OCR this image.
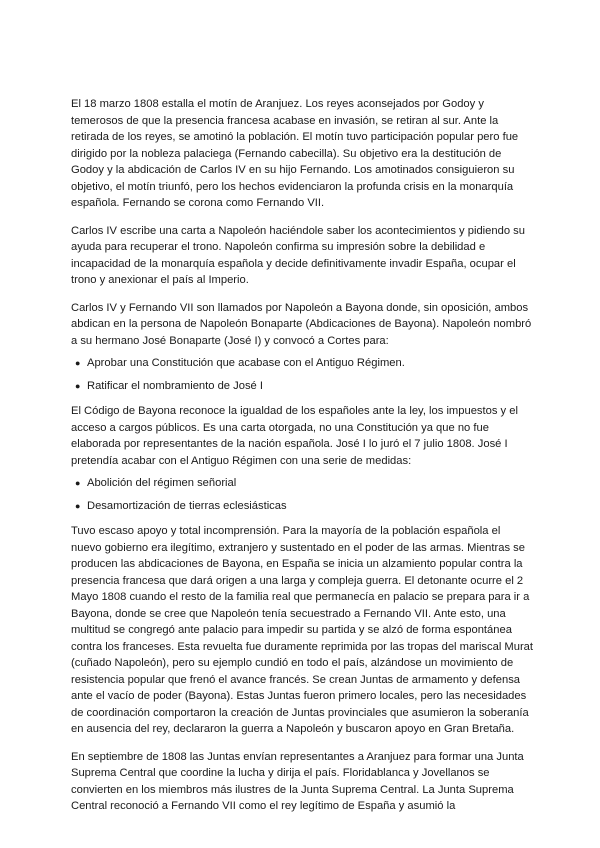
El 18 marzo 1808 estalla el motín de Aranjuez. Los reyes aconsejados por Godoy y temerosos de que la presencia francesa acabase en invasión, se retiran al sur. Ante la retirada de los reyes, se amotinó la población. El motín tuvo participación popular pero fue dirigido por la nobleza palaciega (Fernando cabecilla). Su objetivo era la destitución de Godoy y la abdicación de Carlos IV en su hijo Fernando. Los amotinados consiguieron su objetivo, el motín triunfó, pero los hechos evidenciaron la profunda crisis en la monarquía española. Fernando se corona como Fernando VII.

Carlos IV escribe una carta a Napoleón haciéndole saber los acontecimientos y pidiendo su ayuda para recuperar el trono. Napoleón confirma su impresión sobre la debilidad e incapacidad de la monarquía española y decide definitivamente invadir España, ocupar el trono y anexionar el país al Imperio.

Carlos IV y Fernando VII son llamados por Napoleón a Bayona donde, sin oposición, ambos abdican en la persona de Napoleón Bonaparte (Abdicaciones de Bayona). Napoleón nombró a su hermano José Bonaparte (José I) y convocó a Cortes para:

● Aprobar una Constitución que acabase con el Antiguo Régimen.
● Ratificar el nombramiento de José I

El Código de Bayona reconoce la igualdad de los españoles ante la ley, los impuestos y el acceso a cargos públicos. Es una carta otorgada, no una Constitución ya que no fue elaborada por representantes de la nación española. José I lo juró el 7 julio 1808. José I pretendía acabar con el Antiguo Régimen con una serie de medidas:

● Abolición del régimen señorial
● Desamortización de tierras eclesiásticas

Tuvo escaso apoyo y total incomprensión. Para la mayoría de la población española el nuevo gobierno era ilegítimo, extranjero y sustentado en el poder de las armas. Mientras se producen las abdicaciones de Bayona, en España se inicia un alzamiento popular contra la presencia francesa que dará origen a una larga y compleja guerra. El detonante ocurre el 2 Mayo 1808 cuando el resto de la familia real que permanecía en palacio se prepara para ir a Bayona, donde se cree que Napoleón tenía secuestrado a Fernando VII. Ante esto, una multitud se congregó ante palacio para impedir su partida y se alzó de forma espontánea contra los franceses. Esta revuelta fue duramente reprimida por las tropas del mariscal Murat (cuñado Napoleón), pero su ejemplo cundió en todo el país, alzándose un movimiento de resistencia popular que frenó el avance francés. Se crean Juntas de armamento y defensa ante el vacío de poder (Bayona). Estas Juntas fueron primero locales, pero las necesidades de coordinación comportaron la creación de Juntas provinciales que asumieron la soberanía en ausencia del rey, declararon la guerra a Napoleón y buscaron apoyo en Gran Bretaña.

En septiembre de 1808 las Juntas envían representantes a Aranjuez para formar una Junta Suprema Central que coordine la lucha y dirija el país. Floridablanca y Jovellanos se convierten en los miembros más ilustres de la Junta Suprema Central. La Junta Suprema Central reconoció a Fernando VII como el rey legítimo de España y asumió la
